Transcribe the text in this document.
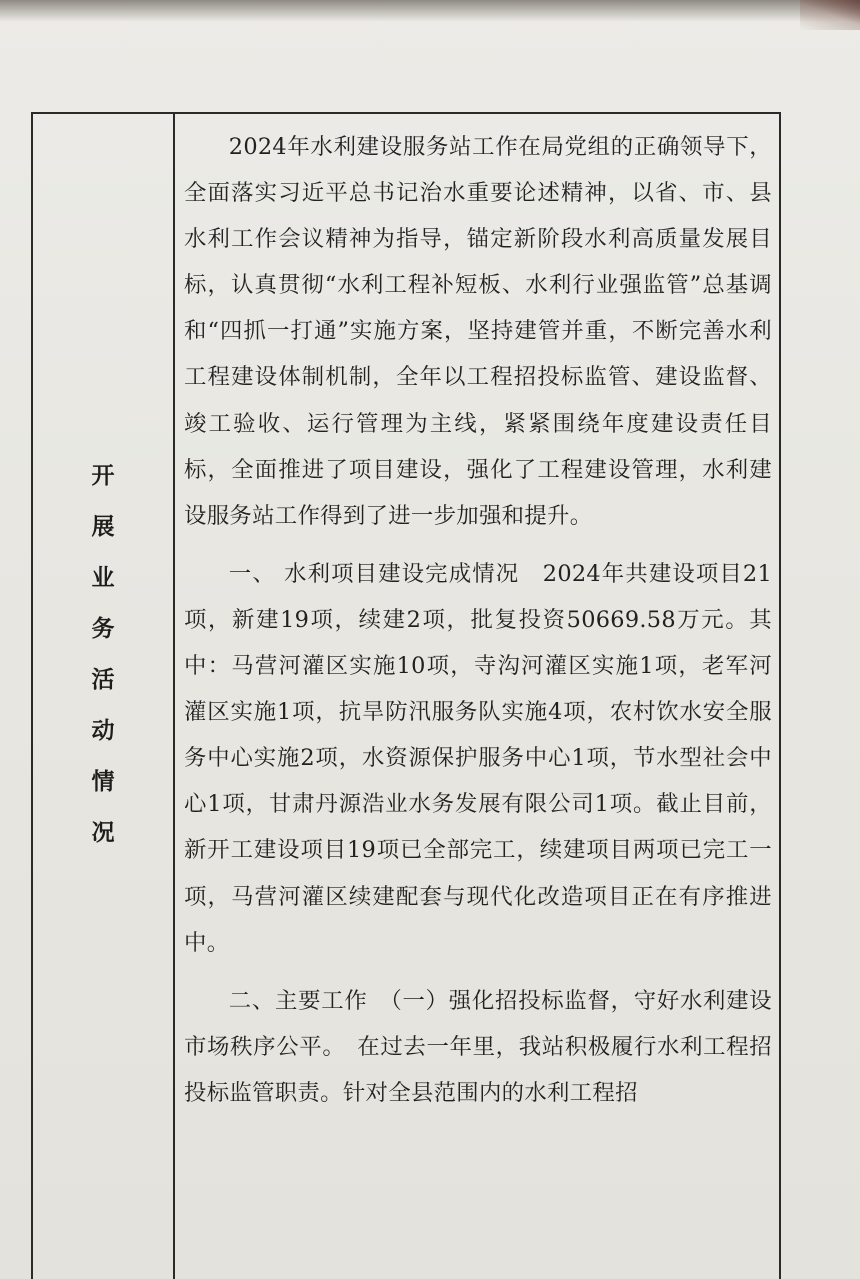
开
展
业
务
活
动
情
况

2024年水利建设服务站工作在局党组的正确领导下，全面落实习近平总书记治水重要论述精神，以省、市、县水利工作会议精神为指导，锚定新阶段水利高质量发展目标，认真贯彻“水利工程补短板、水利行业强监管”总基调和“四抓一打通”实施方案，坚持建管并重，不断完善水利工程建设体制机制，全年以工程招投标监管、建设监督、竣工验收、运行管理为主线，紧紧围绕年度建设责任目标，全面推进了项目建设，强化了工程建设管理，水利建设服务站工作得到了进一步加强和提升。

一、 水利项目建设完成情况　 2024年共建设项目21项，新建19项，续建2项，批复投资50669.58万元。其中：马营河灌区实施10项，寺沟河灌区实施1项，老军河灌区实施1项，抗旱防汛服务队实施4项，农村饮水安全服务中心实施2项，水资源保护服务中心1项，节水型社会中心1项，甘肃丹源浩业水务发展有限公司1项。截止目前，新开工建设项目19项已全部完工，续建项目两项已完工一项，马营河灌区续建配套与现代化改造项目正在有序推进中。

二、主要工作　 （一）强化招投标监督，守好水利建设市场秩序公平。　 在过去一年里，我站积极履行水利工程招投标监管职责。针对全县范围内的水利工程招
